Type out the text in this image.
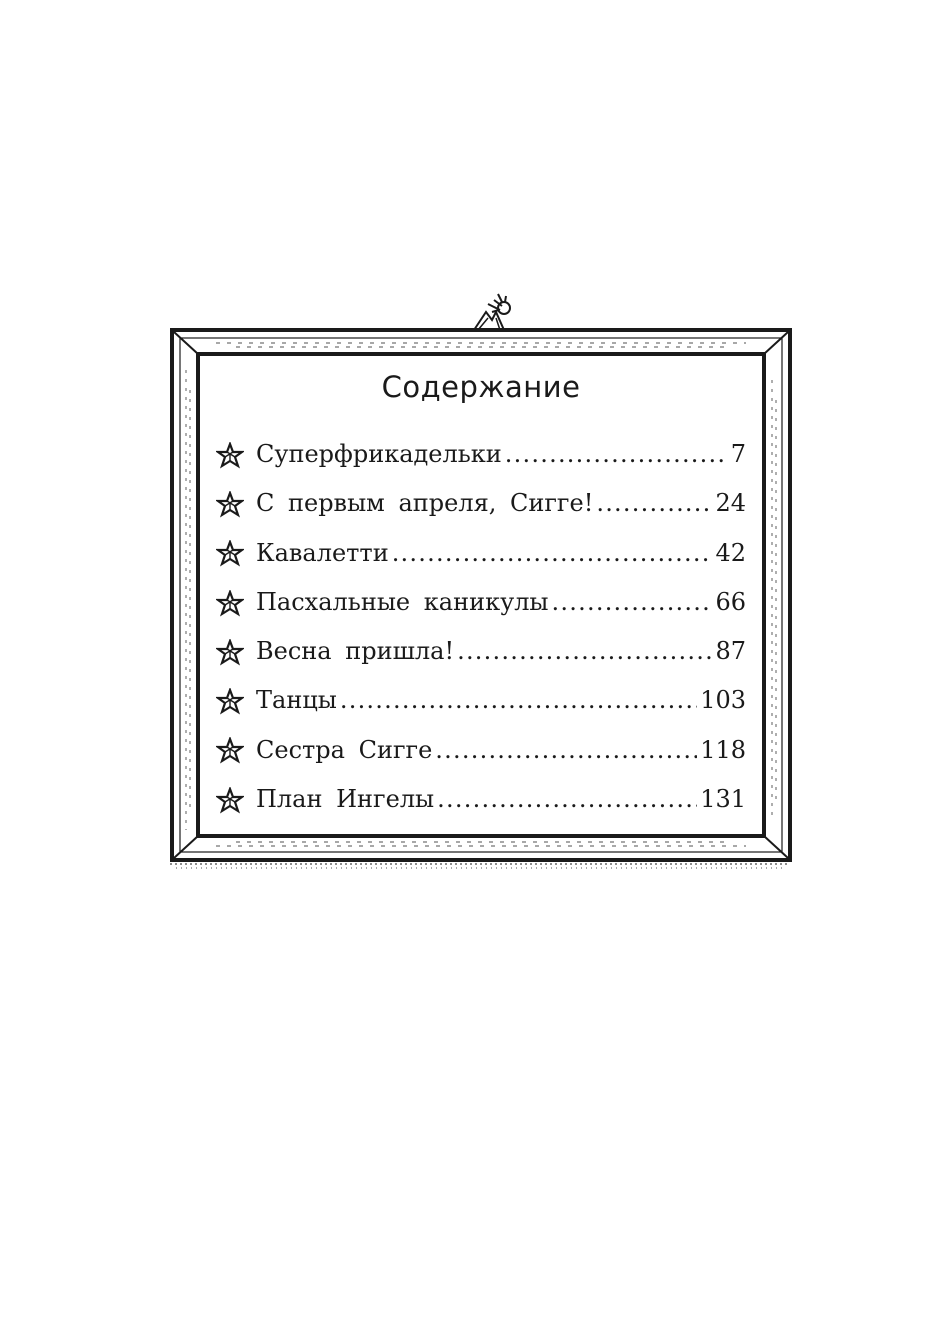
Содержание
Суперфрикадельки . . .	7
С первым апреля, Сигге! . . .	24
Кавалетти . . .	42
Пасхальные каникулы . . .	66
Весна пришла! . . .	87
Танцы . . .	103
Сестра Сигге . . .	118
План Ингелы . . .	131
